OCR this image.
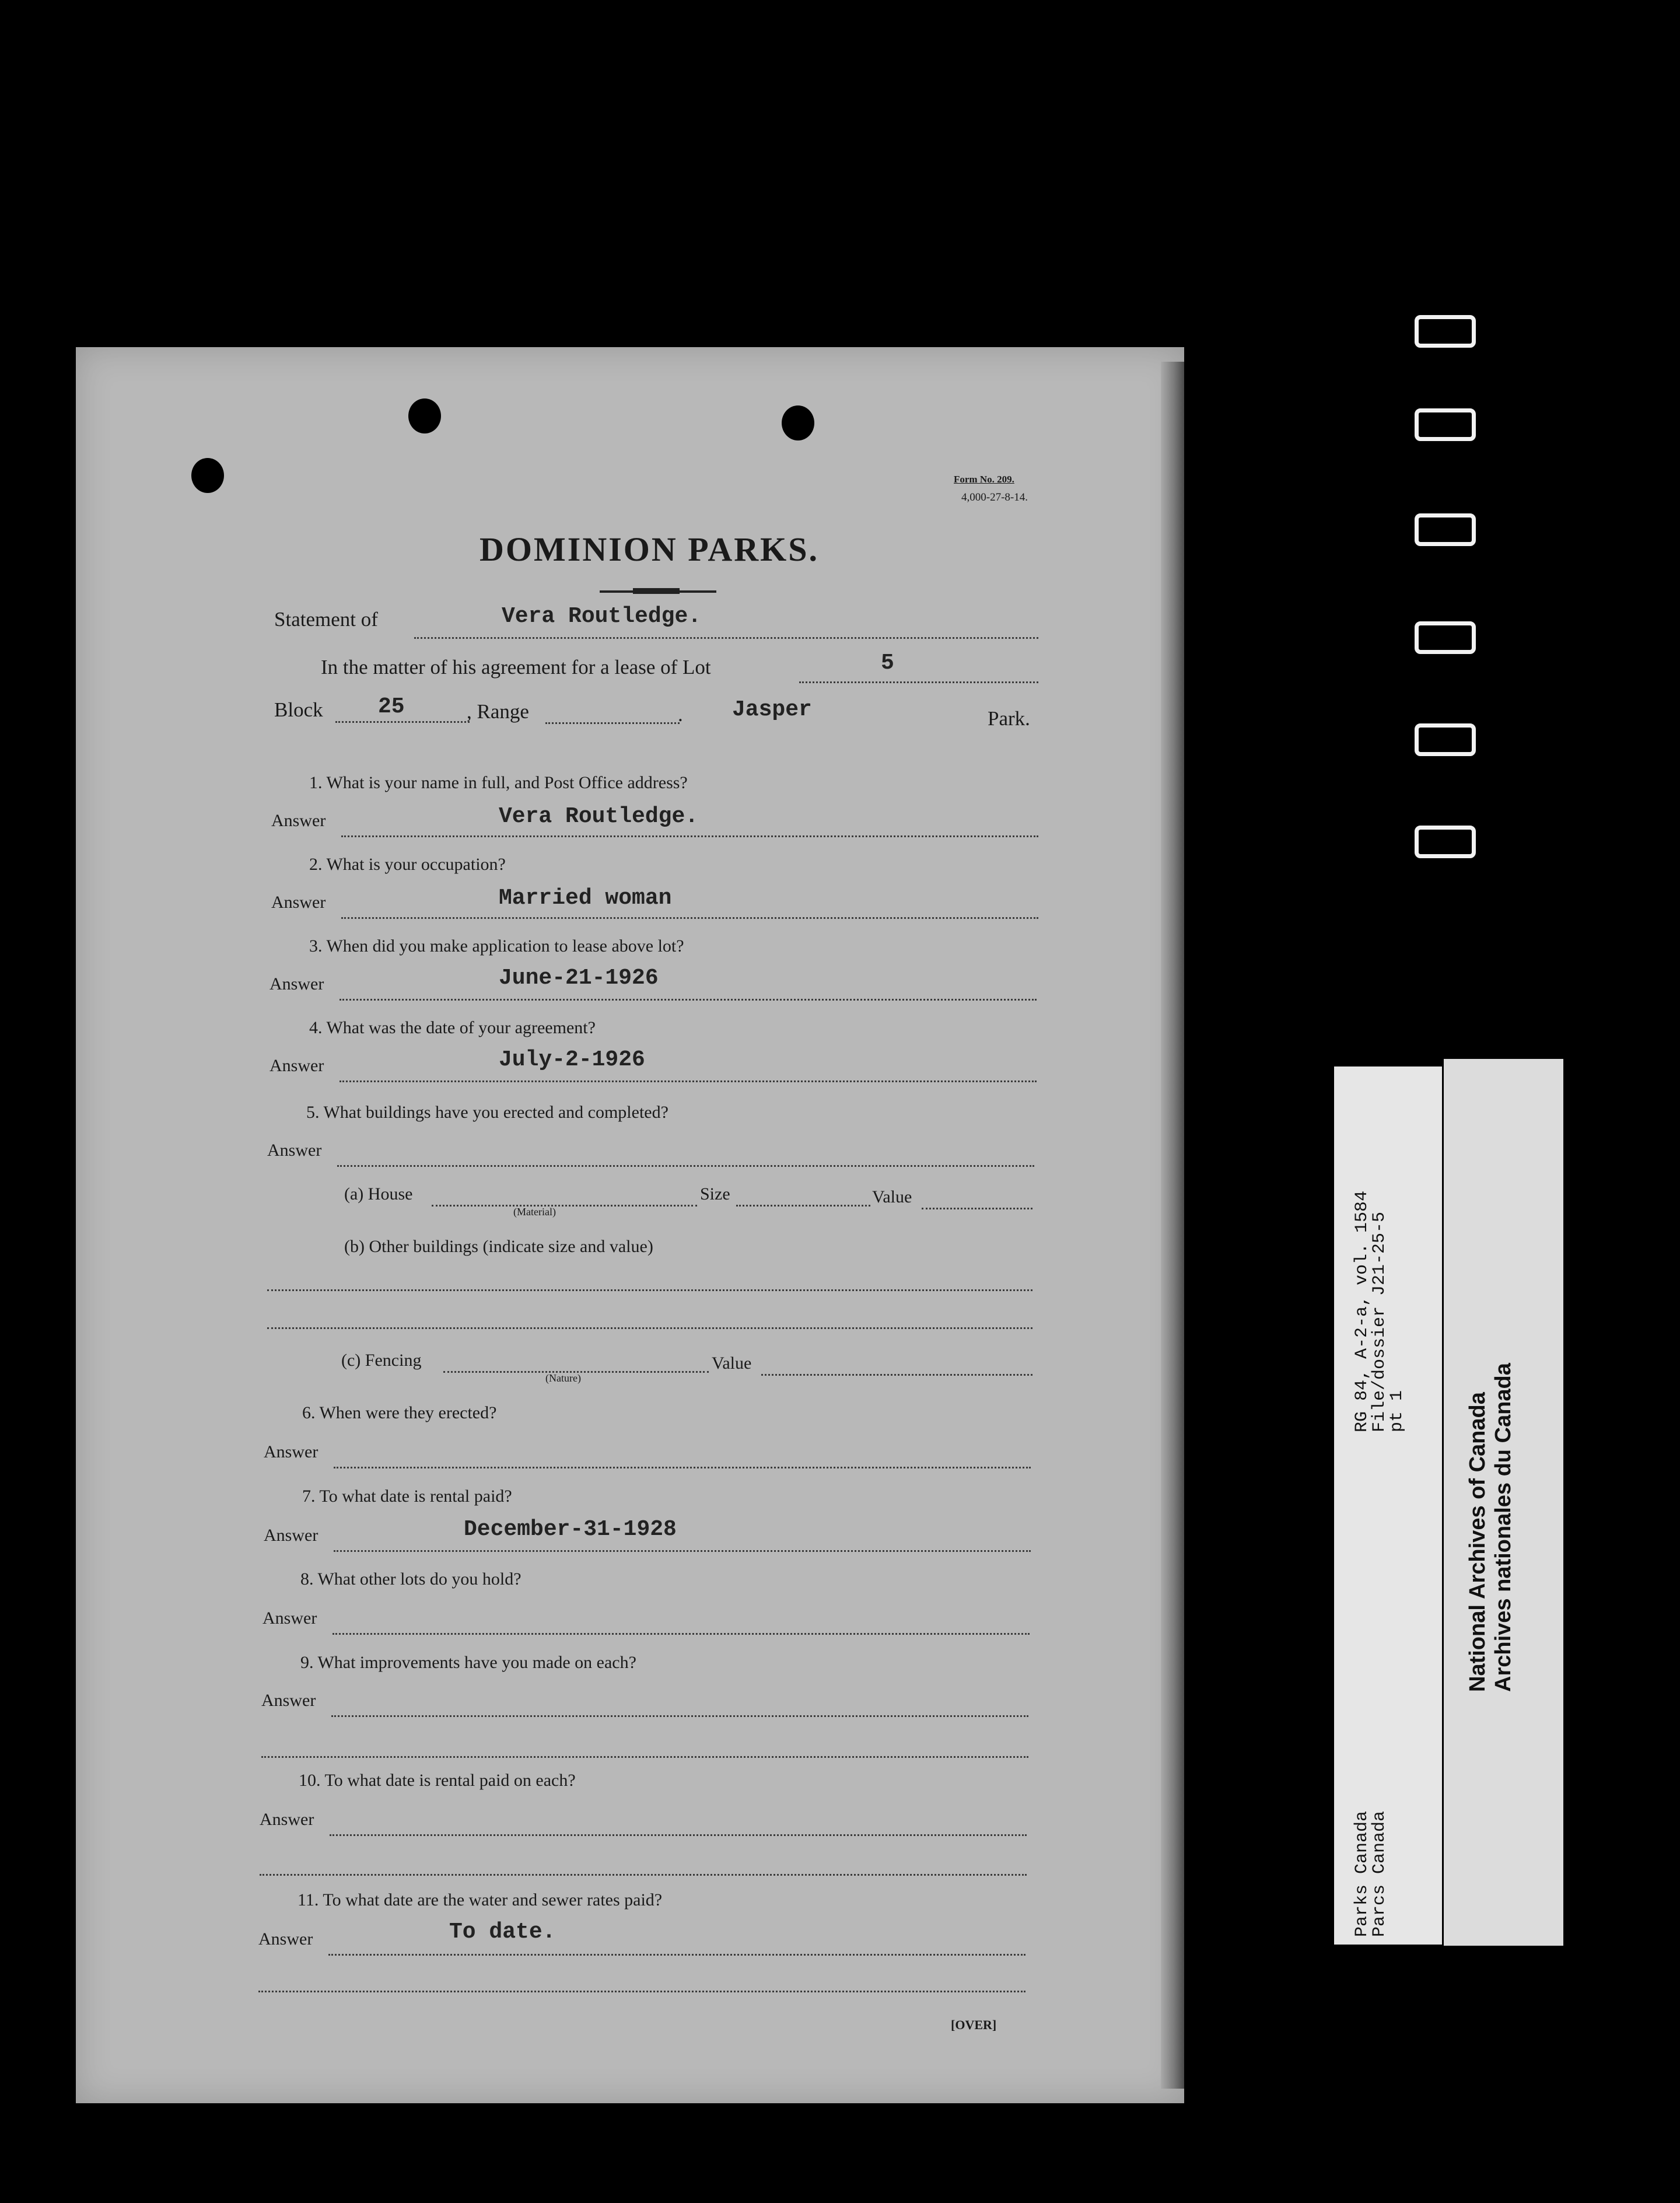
Form No. 209.
4,000-27-8-14.
DOMINION PARKS.
Statement of	Vera Routledge.
In the matter of his agreement for a lease of Lot	5
Block 25	, Range	. Jasper	Park.
1. What is your name in full, and Post Office address?
Answer	Vera Routledge.
2. What is your occupation?
Answer	Married woman
3. When did you make application to lease above lot?
Answer	June-21-1926
4. What was the date of your agreement?
Answer	July-2-1926
5. What buildings have you erected and completed?
Answer
(a) House
(Material)
Size	Value
(b) Other buildings (indicate size and value)
(c) Fencing
(Nature)
Value
6. When were they erected?
Answer
7. To what date is rental paid?
Answer	December-31-1928
8. What other lots do you hold?
Answer
9. What improvements have you made on each?
Answer
10. To what date is rental paid on each?
Answer
11. To what date are the water and sewer rates paid?
Answer	To date.
[OVER]
RG 84, A-2-a, vol. 1584
File/dossier J21-25-5
pt 1
Parks Canada
Parcs Canada
National Archives of Canada Archives nationales du Canada
